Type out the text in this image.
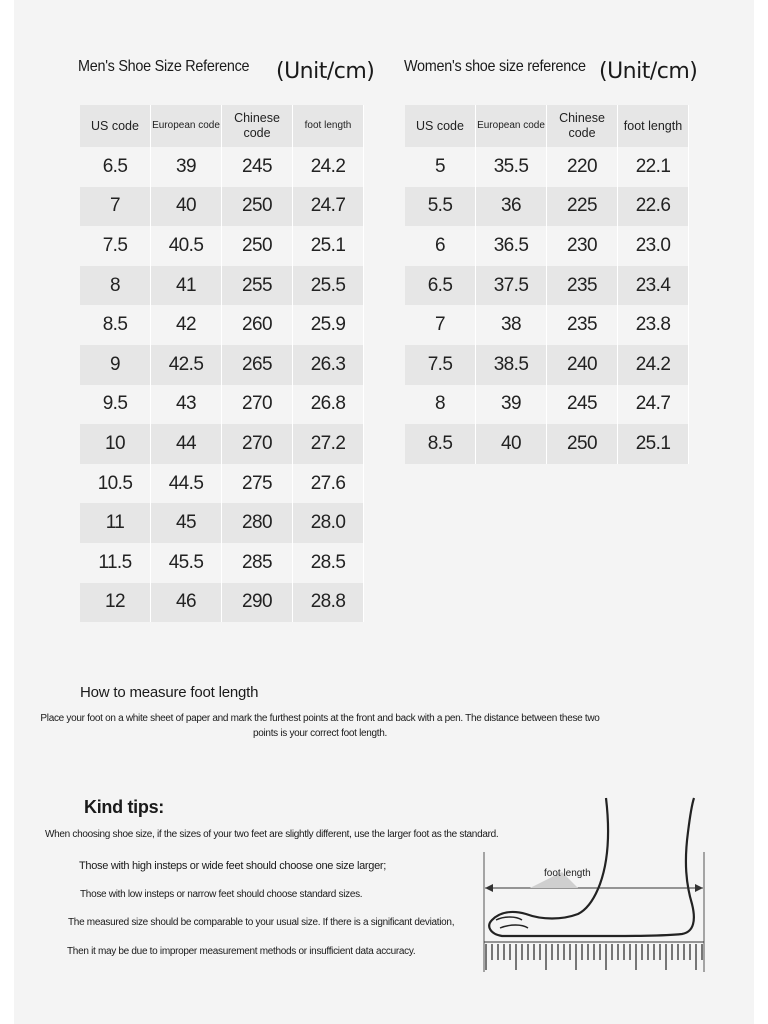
Men's Shoe Size Reference (Unit/cm)
US code	European code	Chinese code	foot length
6.5	39	245	24.2
7	40	250	24.7
7.5	40.5	250	25.1
8	41	255	25.5
8.5	42	260	25.9
9	42.5	265	26.3
9.5	43	270	26.8
10	44	270	27.2
10.5	44.5	275	27.6
11	45	280	28.0
11.5	45.5	285	28.5
12	46	290	28.8
Women's shoe size reference (Unit/cm)
US code	European code	Chinese code	foot length
5	35.5	220	22.1
5.5	36	225	22.6
6	36.5	230	23.0
6.5	37.5	235	23.4
7	38	235	23.8
7.5	38.5	240	24.2
8	39	245	24.7
8.5	40	250	25.1
How to measure foot length
Place your foot on a white sheet of paper and mark the furthest points at the front and back with a pen. The distance between these two points is your correct foot length.
Kind tips:
When choosing shoe size, if the sizes of your two feet are slightly different, use the larger foot as the standard.
Those with high insteps or wide feet should choose one size larger;
Those with low insteps or narrow feet should choose standard sizes.
The measured size should be comparable to your usual size. If there is a significant deviation,
Then it may be due to improper measurement methods or insufficient data accuracy.
foot length
